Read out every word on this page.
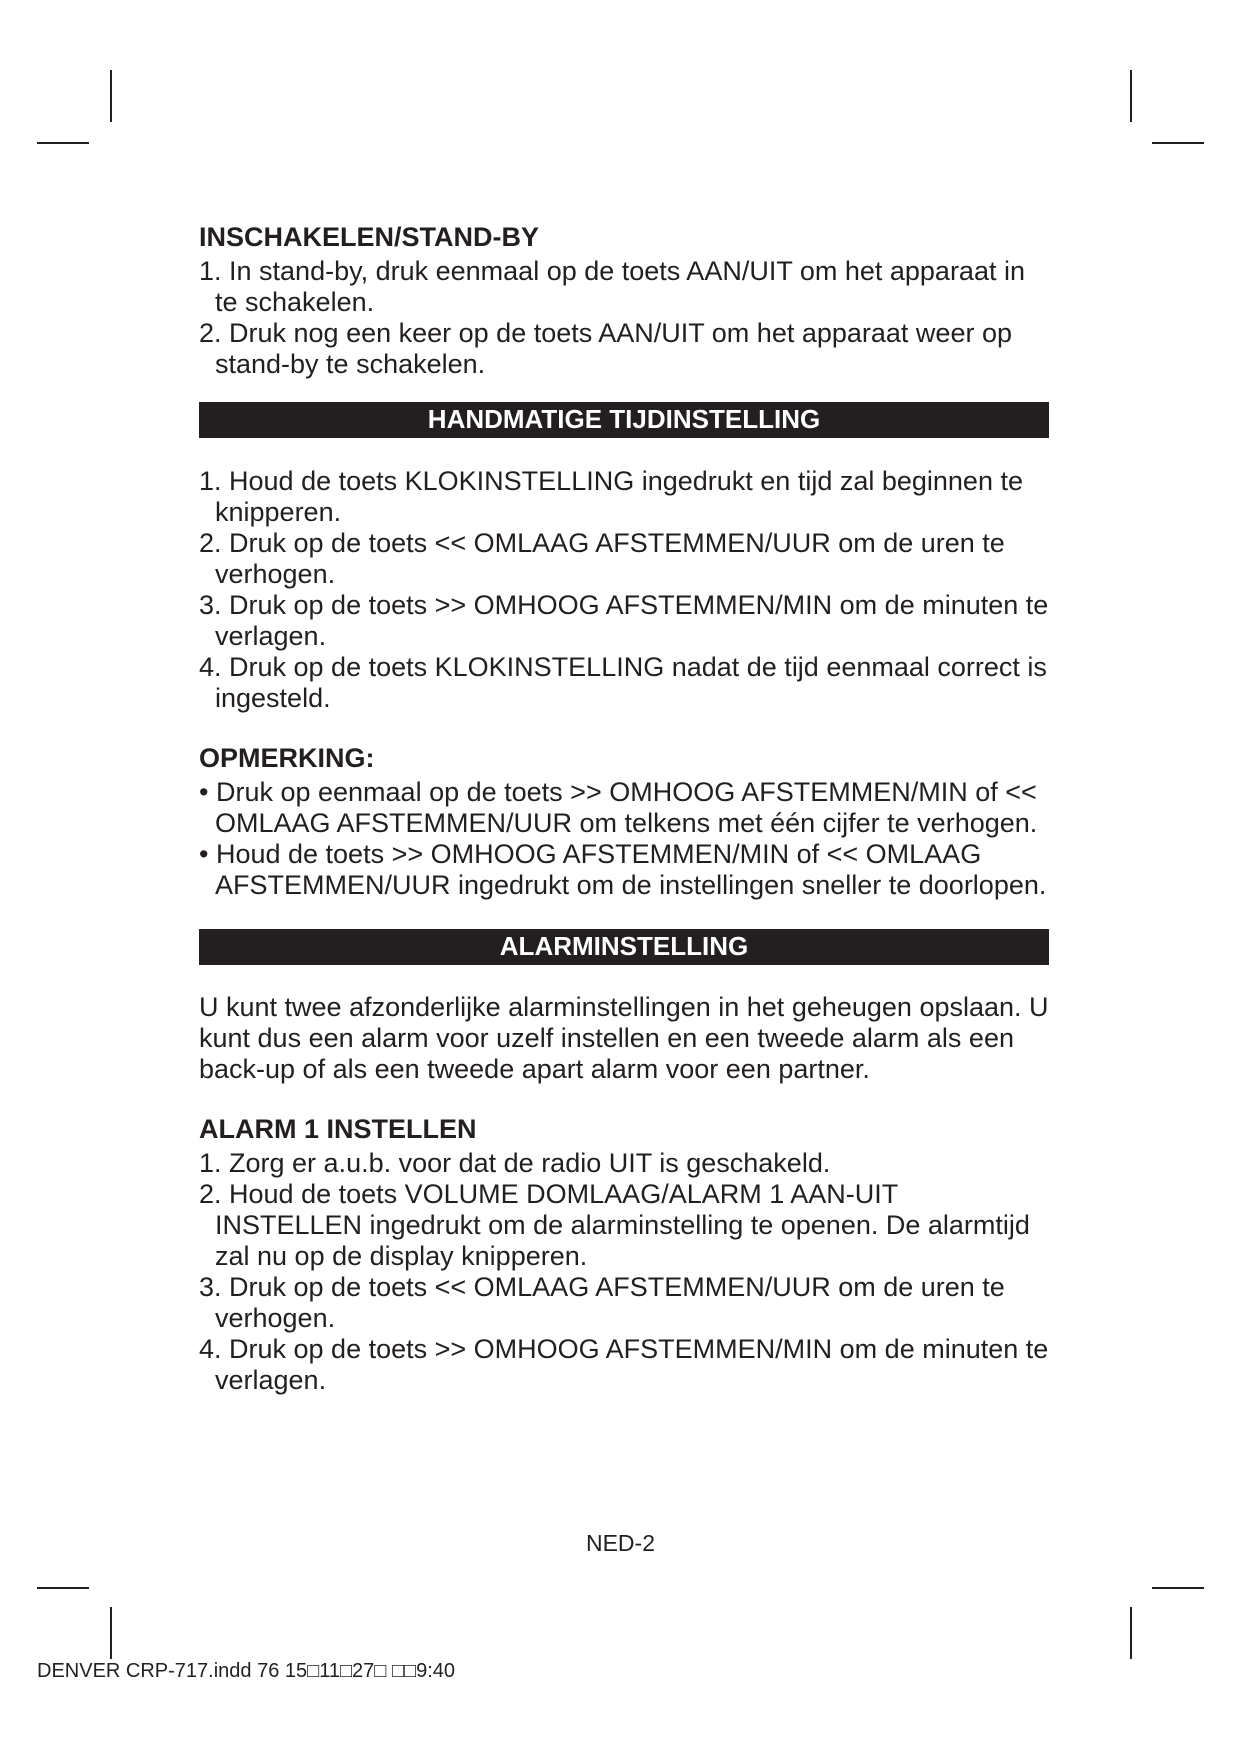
INSCHAKELEN/STAND-BY
1. In stand-by, druk eenmaal op de toets AAN/UIT om het apparaat in te schakelen.
2. Druk nog een keer op de toets AAN/UIT om het apparaat weer op stand-by te schakelen.
HANDMATIGE TIJDINSTELLING
1. Houd de toets KLOKINSTELLING ingedrukt en tijd zal beginnen te knipperen.
2. Druk op de toets << OMLAAG AFSTEMMEN/UUR om de uren te verhogen.
3. Druk op de toets >> OMHOOG AFSTEMMEN/MIN om de minuten te verlagen.
4. Druk op de toets KLOKINSTELLING nadat de tijd eenmaal correct is ingesteld.
OPMERKING:
• Druk op eenmaal op de toets >> OMHOOG AFSTEMMEN/MIN of << OMLAAG AFSTEMMEN/UUR om telkens met één cijfer te verhogen.
• Houd de toets >> OMHOOG AFSTEMMEN/MIN of << OMLAAG AFSTEMMEN/UUR ingedrukt om de instellingen sneller te doorlopen.
ALARMINSTELLING

U kunt twee afzonderlijke alarminstellingen in het geheugen opslaan. U kunt dus een alarm voor uzelf instellen en een tweede alarm als een back-up of als een tweede apart alarm voor een partner.

ALARM 1 INSTELLEN
1. Zorg er a.u.b. voor dat de radio UIT is geschakeld.
2. Houd de toets VOLUME DOMLAAG/ALARM 1 AAN-UIT INSTELLEN ingedrukt om de alarminstelling te openen. De alarmtijd zal nu op de display knipperen.
3. Druk op de toets << OMLAAG AFSTEMMEN/UUR om de uren te verhogen.
4. Druk op de toets >> OMHOOG AFSTEMMEN/MIN om de minuten te verlagen.
NED-2
DENVER CRP-717.indd 76 15□11□27□ □□9:40
